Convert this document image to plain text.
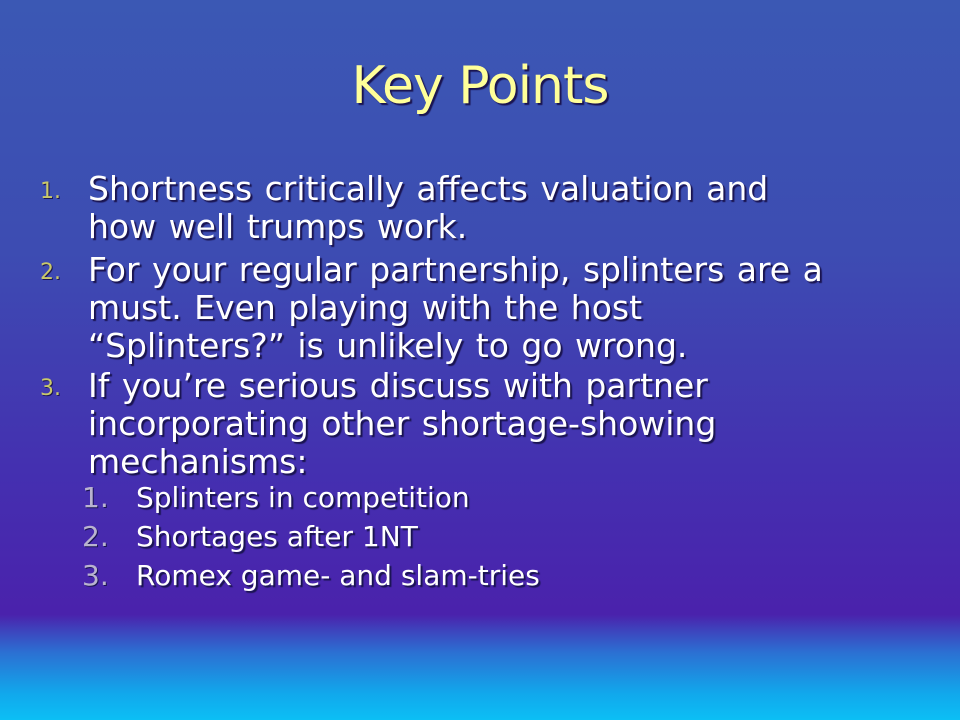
Key Points
1. Shortness critically affects valuation and
how well trumps work.
2. For your regular partnership, splinters are a
must. Even playing with the host
“Splinters?” is unlikely to go wrong.
3. If you’re serious discuss with partner
incorporating other shortage-showing
mechanisms:
1. Splinters in competition
2. Shortages after 1NT
3. Romex game- and slam-tries
